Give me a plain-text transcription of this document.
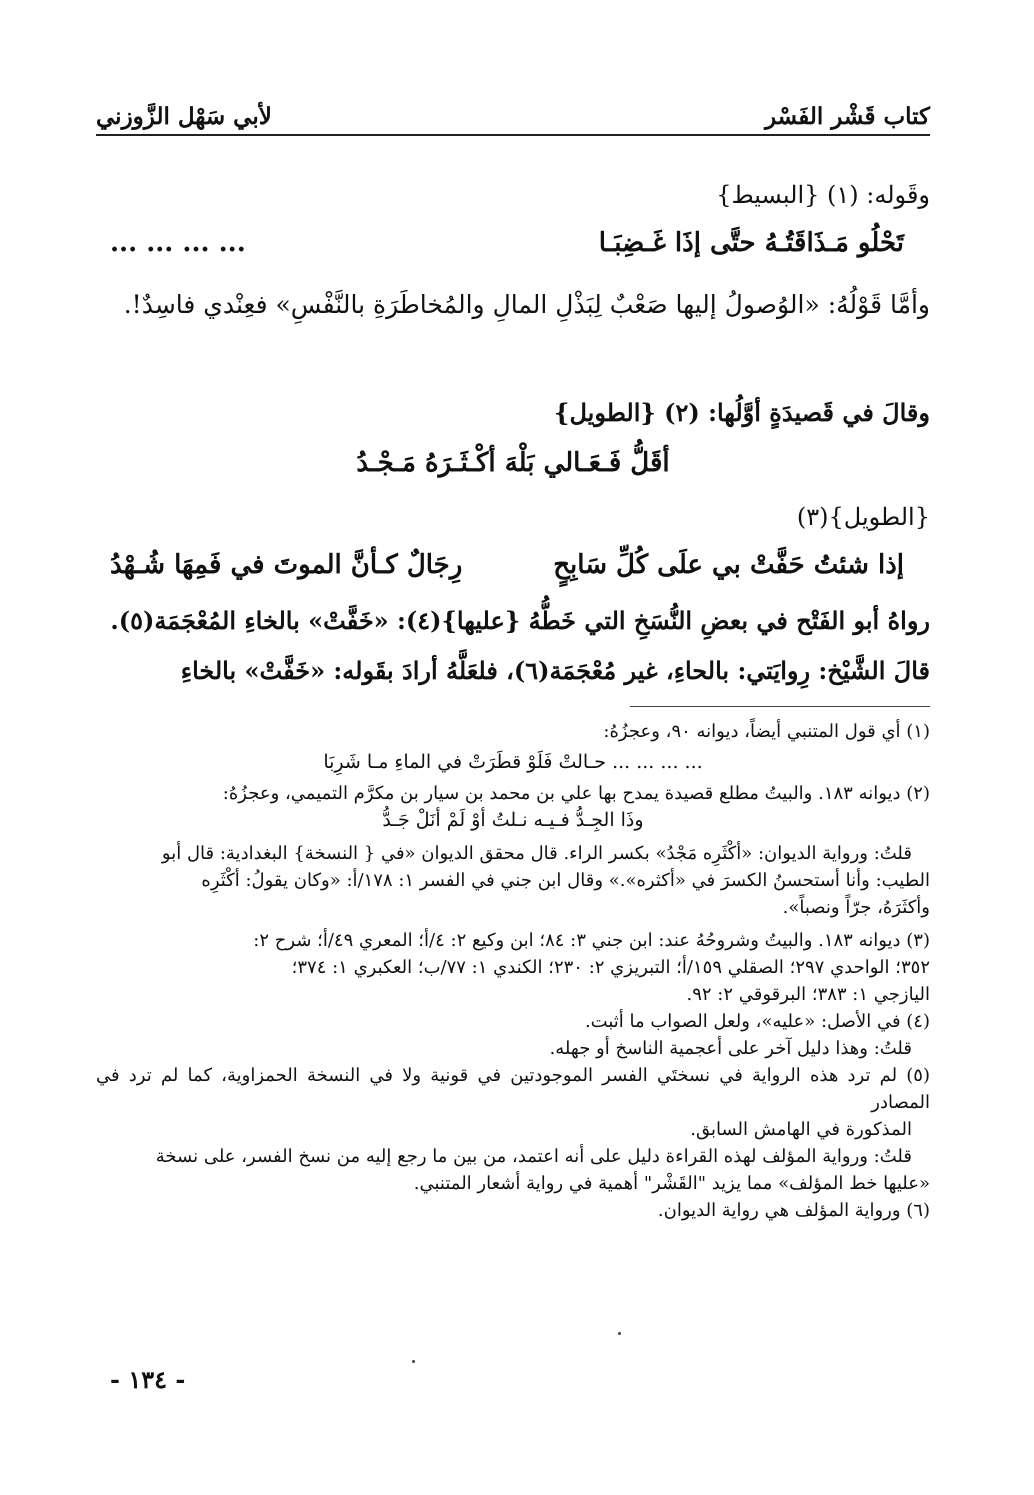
كتاب قَشْر الفَسْر
لأبي سَهْل الزَّوزني
وقَوله: (١) {البسيط}
تَحْلُو مَـذَاقَتُـهُ حتَّى إذَا غَـضِبَـا
... ... ... ...
وأمَّا قَوْلُهُ: «الوُصولُ إليها صَعْبٌ لِبَذْلِ المالِ والمُخاطَرَةِ بالنَّفْسِ» فعِنْدي فاسِدٌ!.
وقالَ في قَصيدَةٍ أوَّلُها: (٢) {الطويل}
أقَلُّ فَـعَـالي بَلْهَ أكْـثَـرَهُ مَـجْـدُ
{الطويل}(٣)
إذا شئتُ حَفَّتْ بي علَى كُلِّ سَابِحٍ
رِجَالٌ كـأنَّ الموتَ في فَمِهَا شُـهْدُ
رواهُ أبو الفَتْح في بعضِ النُّسَخِ التي خَطُّهُ {عليها}(٤): «خَفَّتْ» بالخاءِ المُعْجَمَة(٥).
قالَ الشَّيْخ: رِوايَتي: بالحاءِ، غير مُعْجَمَة(٦)، فلعَلَّهُ أرادَ بقَوله: «خَفَّتْ» بالخاءِ

(١) أي قول المتنبي أيضاً، ديوانه ٩٠، وعجزُهُ:

... ... ... ... حـالتْ فَلَوْ قطَرَتْ في الماءِ مـا شَرِبَا

(٢) ديوانه ١٨٣. والبيتُ مطلع قصيدة يمدح بها علي بن محمد بن سيار بن مكرَّم التميمي، وعجزُهُ:

وذَا الجِـدُّ فـيـه نـلتُ أوْ لَمْ أنَلْ جَـدُّ

قلتُ: ورواية الديوان: «أكْثَرِه مَجْدُ» بكسر الراء. قال محقق الديوان «في { النسخة} البغدادية: قال أبو

الطيب: وأنا أستحسنُ الكسرَ في «أكثره».» وقال ابن جني في الفسر ١: ١٧٨/أ: «وكان يقولُ: أكْثَرِه

وأكثَرَهُ، جرّاً ونصباً».

(٣) ديوانه ١٨٣. والبيتُ وشروحُهُ عند: ابن جني ٣: ٨٤؛ ابن وكيع ٢: ٤/أ؛ المعري ٤٩/أ؛ شرح ٢:

٣٥٢؛ الواحدي ٢٩٧؛ الصقلي ١٥٩/أ؛ التبريزي ٢: ٢٣٠؛ الكندي ١: ٧٧/ب؛ العكبري ١: ٣٧٤؛

اليازجي ١: ٣٨٣؛ البرقوقي ٢: ٩٢.

(٤) في الأصل: «عليه»، ولعل الصواب ما أثبت.

قلتُ: وهذا دليل آخر على أعجمية الناسخ أو جهله.

(٥) لم ترد هذه الرواية في نسختَي الفسر الموجودتين في قونية ولا في النسخة الحمزاوية، كما لم ترد في المصادر

المذكورة في الهامش السابق.

قلتُ: ورواية المؤلف لهذه القراءة دليل على أنه اعتمد، من بين ما رجع إليه من نسخ الفسر، على نسخة

«عليها خط المؤلف» مما يزيد "القَشْر" أهمية في رواية أشعار المتنبي.

(٦) ورواية المؤلف هي رواية الديوان.

- ١٣٤ -
